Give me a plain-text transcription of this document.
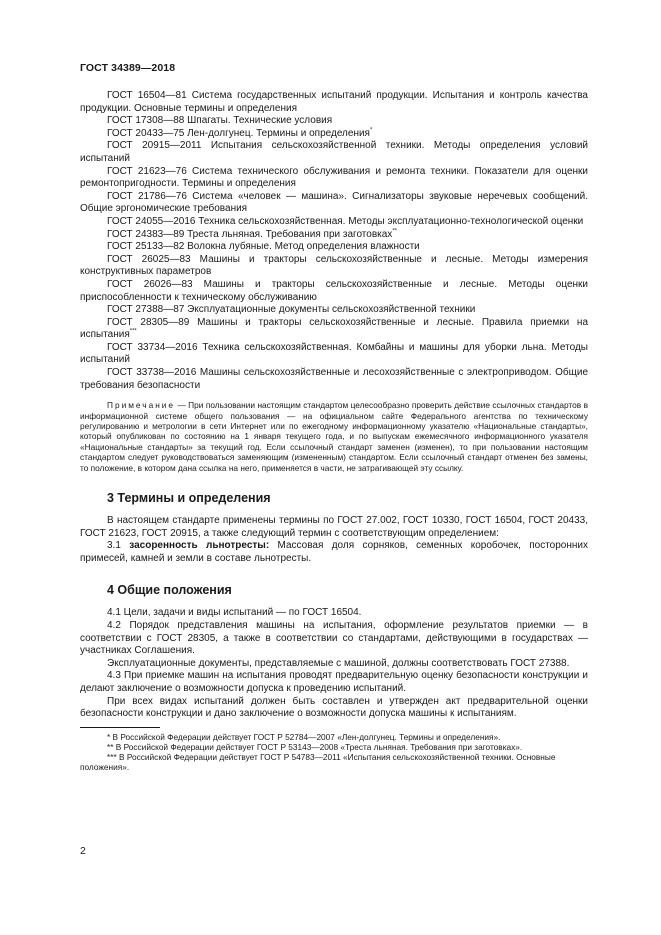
ГОСТ 34389—2018

ГОСТ 16504—81 Система государственных испытаний продукции. Испытания и контроль качества продукции. Основные термины и определения

ГОСТ 17308—88 Шпагаты. Технические условия

ГОСТ 20433—75 Лен-долгунец. Термины и определения*

ГОСТ 20915—2011 Испытания сельскохозяйственной техники. Методы определения условий испытаний

ГОСТ 21623—76 Система технического обслуживания и ремонта техники. Показатели для оценки ремонтопригодности. Термины и определения

ГОСТ 21786—76 Система «человек — машина». Сигнализаторы звуковые неречевых сообщений. Общие эргономические требования

ГОСТ 24055—2016 Техника сельскохозяйственная. Методы эксплуатационно-технологической оценки

ГОСТ 24383—89 Треста льняная. Требования при заготовках**

ГОСТ 25133—82 Волокна лубяные. Метод определения влажности

ГОСТ 26025—83 Машины и тракторы сельскохозяйственные и лесные. Методы измерения конструктивных параметров

ГОСТ 26026—83 Машины и тракторы сельскохозяйственные и лесные. Методы оценки приспособленности к техническому обслуживанию

ГОСТ 27388—87 Эксплуатационные документы сельскохозяйственной техники

ГОСТ 28305—89 Машины и тракторы сельскохозяйственные и лесные. Правила приемки на испытания***

ГОСТ 33734—2016 Техника сельскохозяйственная. Комбайны и машины для уборки льна. Методы испытаний

ГОСТ 33738—2016 Машины сельскохозяйственные и лесохозяйственные с электроприводом. Общие требования безопасности

Примечание — При пользовании настоящим стандартом целесообразно проверить действие ссылочных стандартов в информационной системе общего пользования — на официальном сайте Федерального агентства по техническому регулированию и метрологии в сети Интернет или по ежегодному информационному указателю «Национальные стандарты», который опубликован по состоянию на 1 января текущего года, и по выпускам ежемесячного информационного указателя «Национальные стандарты» за текущий год. Если ссылочный стандарт заменен (изменен), то при пользовании настоящим стандартом следует руководствоваться заменяющим (измененным) стандартом. Если ссылочный стандарт отменен без замены, то положение, в котором дана ссылка на него, применяется в части, не затрагивающей эту ссылку.

3 Термины и определения

В настоящем стандарте применены термины по ГОСТ 27.002, ГОСТ 10330, ГОСТ 16504, ГОСТ 20433, ГОСТ 21623, ГОСТ 20915, а также следующий термин с соответствующим определением:

3.1 засоренность льнотресты: Массовая доля сорняков, семенных коробочек, посторонних примесей, камней и земли в составе льнотресты.

4 Общие положения

4.1 Цели, задачи и виды испытаний — по ГОСТ 16504.

4.2 Порядок представления машины на испытания, оформление результатов приемки — в соответствии с ГОСТ 28305, а также в соответствии со стандартами, действующими в государствах — участниках Соглашения.

Эксплуатационные документы, представляемые с машиной, должны соответствовать ГОСТ 27388.

4.3 При приемке машин на испытания проводят предварительную оценку безопасности конструкции и делают заключение о возможности допуска к проведению испытаний.

При всех видах испытаний должен быть составлен и утвержден акт предварительной оценки безопасности конструкции и дано заключение о возможности допуска машины к испытаниям.

* В Российской Федерации действует ГОСТ Р 52784—2007 «Лен-долгунец. Термины и определения».

** В Российской Федерации действует ГОСТ Р 53143—2008 «Треста льняная. Требования при заготовках».

*** В Российской Федерации действует ГОСТ Р 54783—2011 «Испытания сельскохозяйственной техники. Основные положения».

2
